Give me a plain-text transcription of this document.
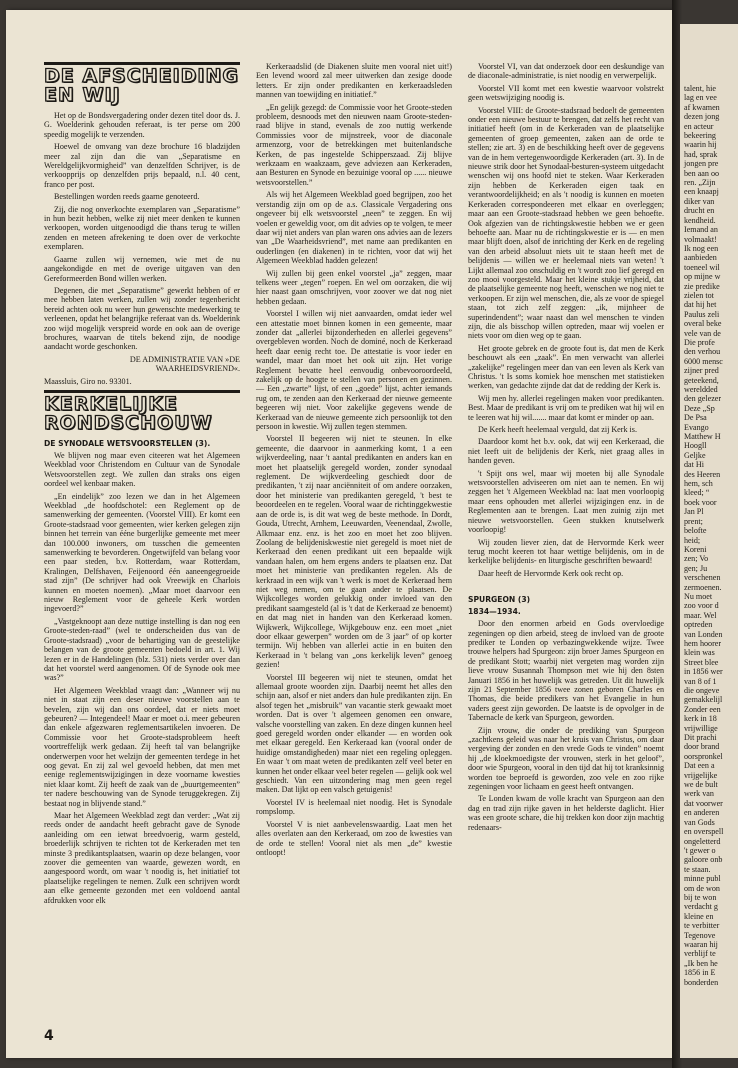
DE AFSCHEIDING
EN WIJ

Het op de Bondsvergadering onder dezen titel door ds. J. G. Woelderink gehouden referaat, is ter perse om 200 speedig mogelijk te verzenden.

Hoewel de omvang van deze brochure 16 bladzijden meer zal zijn dan die van „Separatisme en Wereldgelijkvormigheid” van denzelfden Schrijver, is de verkoopprijs op denzelfden prijs bepaald, n.l. 40 cent, franco per post.

Bestellingen worden reeds gaarne genoteerd.

Zij, die nog onverkochte exemplaren van „Separatisme” in hun bezit hebben, welke zij niet meer denken te kunnen verkoopen, worden uitgenoodigd die thans terug te willen zenden en meteen afrekening te doen over de verkochte exemplaren.

Gaarne zullen wij vernemen, wie met de nu aangekondigde en met de overige uitgaven van den Gereformeerden Bond willen werken.

Degenen, die met „Separatisme” gewerkt hebben of er mee hebben laten werken, zullen wij zonder tegenbericht bereid achten ook nu weer hun gewenschte medewerking te verleenen, opdat het belangrijke referaat van ds. Woelderink zoo wijd mogelijk verspreid worde en ook aan de overige brochures, waarvan de titels bekend zijn, de noodige aandacht worde geschonken.

DE ADMINISTRATIE VAN »DE WAARHEIDSVRIEND«.

Maassluis, Giro no. 93301.

KERKELIJKE
RONDSCHOUW
DE SYNODALE WETSVOORSTELLEN (3).

We blijven nog maar even citeeren wat het Algemeen Weekblad voor Christendom en Cultuur van de Synodale Wetsvoorstellen zegt. We zullen dan straks ons eigen oordeel wel kenbaar maken.

„En eindelijk” zoo lezen we dan in het Algemeen Weekblad „de hoofdschotel: een Reglement op de samenwerking der gemeenten. (Voorstel VIII). Er komt een Groote-stadsraad voor gemeenten, wier kerken gelegen zijn binnen het terrein van ééne burgerlijke gemeente met meer dan 100.000 inwoners, om tusschen die gemeenten samenwerking te bevorderen. Ongetwijfeld van belang voor een paar steden, b.v. Rotterdam, waar Rotterdam, Kralingen, Delfshaven, Feijenoord één aaneengegroeide stad zijn” (De schrijver had ook Vreewijk en Charlois kunnen en moeten noemen). „Maar moet daarvoor een nieuw Reglement voor de geheele Kerk worden ingevoerd?”

„Vastgeknoopt aan deze nuttige instelling is dan nog een Groote-steden-raad” (wel te onderscheiden dus van de Groote-stadsraad) „voor de behartiging van de geestelijke belangen van de groote gemeenten bedoeld in art. 1. Wij lezen er in de Handelingen (blz. 531) niets verder over dan dat het voorstel werd aangenomen. Of de Synode ook mee was?”

Het Algemeen Weekblad vraagt dan: „Wanneer wij nu niet in staat zijn een deser nieuwe voorstellen aan te bevelen, zijn wij dan ons oordeel, dat er niets moet gebeuren? — Integendeel! Maar er moet o.i. meer gebeuren dan enkele afgezwaren reglementsartikelen invoeren. De Commissie voor het Groote-stadsprobleem heeft voortreffelijk werk gedaan. Zij heeft tal van belangrijke onderwerpen voor het welzijn der gemeenten terdege in het oog gevat. En zij zal wel gevoeld hebben, dat men met eenige reglementswijzigingen in deze voorname kwesties niet klaar komt. Zij heeft de zaak van de „buurtgemeenten” ter nadere beschouwing van de Synode teruggekregen. Zij bestaat nog in blijvende stand.”

Maar het Algemeen Weekblad zegt dan verder: „Wat zij reeds onder de aandacht heeft gebracht gave de Synode aanleiding om een ietwat breedvoerig, warm gesteld, broederlijk schrijven te richten tot de Kerkeraden met ten minste 3 predikantsplaatsen, waarin op deze belangen, voor zoover die gemeenten van waarde, gewezen wordt, en aangespoord wordt, om waar 't noodig is, het initiatief tot plaatselijke regelingen te nemen. Zulk een schrijven wordt aan elke gemeente gezonden met een voldoend aantal afdrukken voor elk

Kerkeraadslid (de Diakenen sluite men vooral niet uit!) Een levend woord zal meer uitwerken dan zesige doode letters. Er zijn onder predikanten en kerkeraadsleden mannen van toewijding en initiatief.”

„En gelijk gezegd: de Commissie voor het Groote-steden probleem, desnoods met den nieuwen naam Groote-steden-raad blijve in stand, evenals de zoo nuttig werkende Commissies voor de mijnstreek, voor de diaconale armenzorg, voor de betrekkingen met buitenlandsche Kerken, de pas ingestelde Schipperszaad. Zij blijve werkzaam en waakzaam, geve adviezen aan Kerkeraden, aan Besturen en Synode en bezuinige vooral op ...... nieuwe wetsvoorstellen.”

Als wij het Algemeen Weekblad goed begrijpen, zoo het verstandig zijn om op de a.s. Classicale Vergadering ons ongeveer bij elk wetsvoorstel „neen” te zeggen. En wij voelen er geweldig voor, om dit advies op te volgen, te meer daar wij niet anders van plan waren ons advies aan de lezers van „De Waarheidsvriend”, met name aan predikanten en ouderlingen (en diakenen) in te richten, voor dat wij het Algemeen Weekblad hadden gelezen!

Wij zullen bij geen enkel voorstel „ja” zeggen, maar telkens weer „tegen” roepen. En wel om oorzaken, die wij hier naast gaan omschrijven, voor zoover we dat nog niet hebben gedaan.

Voorstel I willen wij niet aanvaarden, omdat ieder wel een attestatie moet binnen komen in een gemeente, maar zonder dat „allerlei bijzonderheden en allerlei gegevens” overgebleven worden. Noch de dominé, noch de Kerkeraad heeft daar eenig recht toe. De attestatie is voor ieder en wandel, maar dan moet het ook uit zijn. Het vorige Reglement bevatte heel eenvoudig onbevooroordeeld, zakelijk op de hoogte te stellen van personen en gezinnen. — Een „zwarte” lijst, of een „goede” lijst, achter iemands rug om, te zenden aan den Kerkeraad der nieuwe gemeente begeeren wij niet. Voor zakelijke gegevens wende de Kerkeraad van de nieuwe gemeente zich persoonlijk tot den persoon in kwestie. Wij zullen tegen stemmen.

Voorstel II begeeren wij niet te steunen. In elke gemeente, die daarvoor in aanmerking komt, 1 a een wijkverdeeling, naar 't aantal predikanten en anders kan en moet het plaatselijk geregeld worden, zonder synodaal reglement. De wijkverdeeling geschiedt door de predikanten, 't zij naar anciënniteit of om andere oorzaken, door het ministerie van predikanten geregeld, 't best te beoordeelen en te regelen. Vooral waar de richtinggekwestie aan de orde is, is dit wat weg de beste methode. In Dordt, Gouda, Utrecht, Arnhem, Leeuwarden, Veenendaal, Zwolle, Alkmaar enz. enz. is het zoo en moet het zoo blijven. Zoolang de belijdeniskwestie niet geregeld is moet niet de Kerkeraad den eenen predikant uit een bepaalde wijk vandaan halen, om hem ergens anders te plaatsen enz. Dat moet het ministerie van predikanten regelen. Als de kerkraad in een wijk van 't werk is moet de Kerkeraad hem niet weg nemen, om te gaan ander te plaatsen. De Wijkcolleges worden gelukkig onder invloed van den predikant saamgesteld (al is 't dat de Kerkeraad ze benoemt) en dat mag niet in handen van den Kerkeraad komen. Wijkwerk, Wijkcollege, Wijkgebouw enz. een moet „niet door elkaar gewerpen” worden om de 3 jaar” of op korter termijn. Wij hebben van allerlei actie in en buiten den Kerkeraad in 't belang van „ons kerkelijk leven” genoeg gezien!

Voorstel III begeeren wij niet te steunen, omdat het allemaal groote woorden zijn. Daarbij neemt het alles den schijn aan, alsof er niet anders dan hule predikanten zijn. En alsof tegen het „misbruik” van vacantie sterk gewaakt moet worden. Dat is over 't algemeen genomen een onware, valsche voorstelling van zaken. En deze dingen kunnen heel goed geregeld worden onder elkander — en worden ook met elkaar geregeld. Een Kerkeraad kan (vooral onder de huidige omstandigheden) maar niet een regeling opleggen. En waar 't om maat weten de predikanten zelf veel beter en kunnen het onder elkaar veel beter regelen — gelijk ook wel geschiedt. Van een uitzondering mag men geen regel maken. Dat lijkt op een valsch getuigenis!

Voorstel IV is heelemaal niet noodig. Het is Synodale rompslomp.

Voorstel V is niet aanbevelenswaardig. Laat men het alles overlaten aan den Kerkeraad, om zoo de kwesties van de orde te stellen! Vooral niet als men „de” kwestie ontloopt!

Voorstel VI, van dat onderzoek door een deskundige van de diaconale-administratie, is niet noodig en verwerpelijk.

Voorstel VII komt met een kwestie waarvoor volstrekt geen wetswijziging noodig is.

Voorstel VIII: de Groote-stadsraad bedoelt de gemeenten onder een nieuwe bestuur te brengen, dat zelfs het recht van initiatief heeft (om in de Kerkeraden van de plaatselijke gemeenten of groep gemeenten, zaken aan de orde te stellen; zie art. 3) en de beschikking heeft over de gegevens van de in hem vertegenwoordigde Kerkeraden (art. 3). In de nieuwe strik door het Synodaal-besturen-systeem uitgedacht wenschen wij ons hoofd niet te steken. Waar Kerkeraden zijn hebben de Kerkeraden eigen taak en verantwoordelijkheid; en als 't noodig is kunnen en moeten Kerkeraden correspondeeren met elkaar en overleggen; maar aan een Groote-stadsraad hebben we geen behoefte. Ook afgezien van de richtingskwestie hebben we er geen behoefte aan. Maar nu de richtingskwestie er is — en men maar blijft doen, alsof de inrichting der Kerk en de regeling van den arbeid absoluut niets uit te staan heeft met de belijdenis — willen we er heelemaal niets van weten! 't Lijkt allemaal zoo onschuldig en 't wordt zoo lief geregd en zoo mooi voorgesteld. Maar het kleine stukje vrijheid, dat de plaatselijke gemeente nog heeft, wenschen we nog niet te verkoopen. Er zijn wel menschen, die, als ze voor de spiegel staan, tot zich zelf zeggen: „ik, mijnheer de superindendent”; waar naast dan wel menschen te vinden zijn, die als bisschop willen optreden, maar wij voelen er niets voor om dien weg op te gaan.

Het groote gebrek en de groote fout is, dat men de Kerk beschouwt als een „zaak”. En men verwacht van allerlei „zakelijke” regelingen meer dan van een leven als Kerk van Christus. 't Is soms komiek hoe menschen met statistieken werken, van gedachte zijnde dat dat de redding der Kerk is.

Wij men hy. allerlei regelingen maken voor predikanten. Best. Maar de predikant is vrij om te prediken wat hij wil en te leeren wat hij wil....... maar dat komt er minder op aan.

De Kerk heeft heelemaal verguld, dat zij Kerk is.

Daardoor komt het b.v. ook, dat wij een Kerkeraad, die niet leeft uit de belijdenis der Kerk, niet graag alles in handen geven.

't Spijt ons wel, maar wij moeten bij alle Synodale wetsvoorstellen adviseeren om niet aan te nemen. En wij zeggen het 't Algemeen Weekblad na: laat men voorloopig maar eens ophouden met allerlei wijzigingen enz. in de Reglementen aan te brengen. Laat men zuinig zijn met nieuwe wetsvoorstellen. Geen stukken knutselwerk voorloopig!

Wij zouden liever zien, dat de Hervormde Kerk weer terug mocht keeren tot haar wettige belijdenis, om in de kerkelijke belijdenis- en liturgische geschriften bewaard!

Daar heeft de Hervormde Kerk ook recht op.

SPURGEON (3)
1834—1934.

Door den enormen arbeid en Gods overvloedige zegeningen op dien arbeid, steeg de invloed van de groote prediker te Londen op verbazingwekkende wijze. Twee trouwe helpers had Spurgeon: zijn broer James Spurgeon en de predikant Stott; waarbij niet vergeten mag worden zijn lieve vrouw Susannah Thompson met wie hij den 8sten Januari 1856 in het huwelijk was getreden. Uit dit huwelijk zijn 21 September 1856 twee zonen geboren Charles en Thomas, die beide predikers van het Evangelie in hun vaders geest zijn geworden. De laatste is de opvolger in de Tabernacle de kerk van Spurgeon, geworden.

Zijn vrouw, die onder de prediking van Spurgeon „zachtkens geleid was naar het kruis van Christus, om daar vergeving der zonden en den vrede Gods te vinden” noemt hij „de kloekmoedigste der vrouwen, sterk in het geloof”, door wie Spurgeon, vooral in den tijd dat hij tot kranksinnig worden toe beproefd is geworden, zoo vele en zoo rijke zegeningen voor lichaam en geest heeft ontvangen.

Te Londen kwam de volle kracht van Spurgeon aan den dag en trad zijn rijke gaven in het helderste daglicht. Hier was een groote schare, die hij trekken kon door zijn machtig redenaars-

4
talent, hie
lag en vee
af kwamen
dezen jong
en acteur
bekeering
waarin hij
had, sprak
jongen pre
ben aan oo
ren. „Zijn
een knaapj
diker van
drucht en
kendheid.
Iemand an
volmaakt!
Ik nog een
aanbieden
toeneel wil
op mijne w
zie predike
zielen tot
dat hij het
Paulus zeli
overal beke
vele van de
Die profe
den verhou
6000 mensc
zijner pred
geteekend,
wereldded
den gelezer
Deze „Sp
De Psa
Evango
Matthew H
Hoogll
Geljke
dat Hi
des Heeren
hem, sch
kleed; “
boek voor
Jan Pl
prent;
belofte
heid;
Koreni
zen; Vo
gen; Ju
verschenen
zermoenen.
Nu moet
zoo voor d
maar. Wel
optreden
van Londen
hem hoorer
klein was
Street blee
in 1856 wer
van 8 of 1
die ongeve
gemakkelijl
Zonder een
kerk in 18
vrijwillige
Dit prachi
door brand
oorspronkel
Dat een a
vrijgelijke
we de bult
werk van
dat voorwer
en anderen
van Gods
en overspell
ongeletterd
't gewer o
galoore onb
te staan.
minne publ
om de won
bij te won
verdacht g
kleine en
te verbitter
Tegenove
waaran hij
verblijf te
„Ik ben he
1856 in E
bonderden
